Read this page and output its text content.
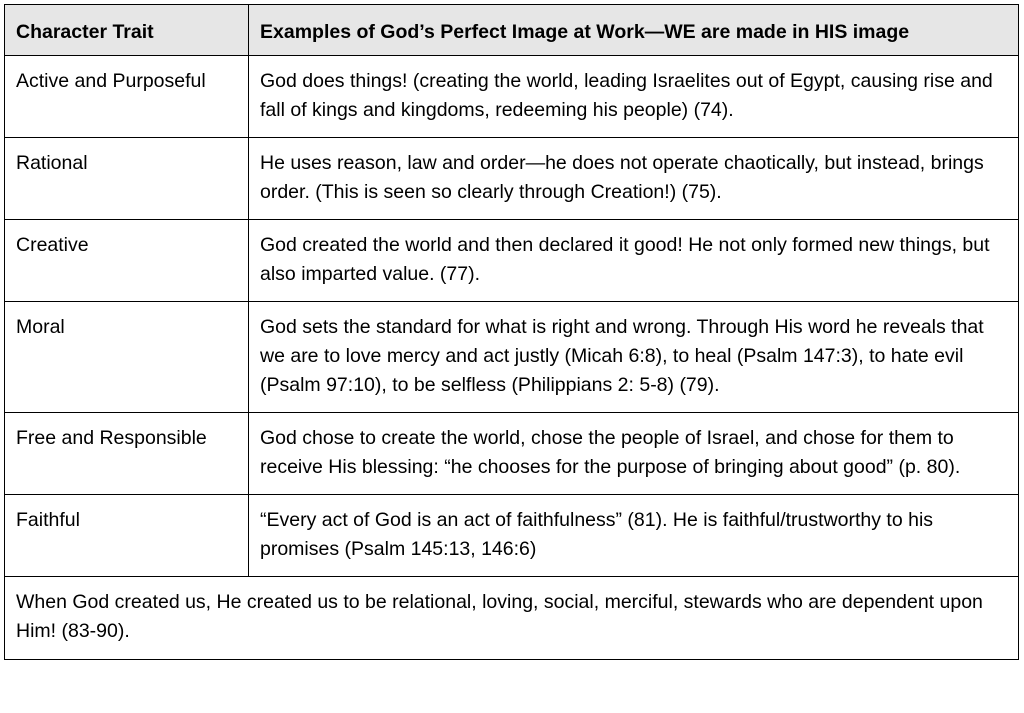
Character Trait	Examples of God’s Perfect Image at Work—WE are made in HIS image
Active and Purposeful	God does things! (creating the world, leading Israelites out of Egypt, causing rise and fall of kings and kingdoms, redeeming his people) (74).
Rational	He uses reason, law and order—he does not operate chaotically, but instead, brings order. (This is seen so clearly through Creation!) (75).
Creative	God created the world and then declared it good! He not only formed new things, but also imparted value. (77).
Moral	God sets the standard for what is right and wrong. Through His word he reveals that we are to love mercy and act justly (Micah 6:8), to heal (Psalm 147:3), to hate evil (Psalm 97:10), to be selfless (Philippians 2: 5-8) (79).
Free and Responsible	God chose to create the world, chose the people of Israel, and chose for them to receive His blessing: “he chooses for the purpose of bringing about good” (p. 80).
Faithful	“Every act of God is an act of faithfulness” (81). He is faithful/trustworthy to his promises (Psalm 145:13, 146:6)
When God created us, He created us to be relational, loving, social, merciful, stewards who are dependent upon Him! (83-90).	
